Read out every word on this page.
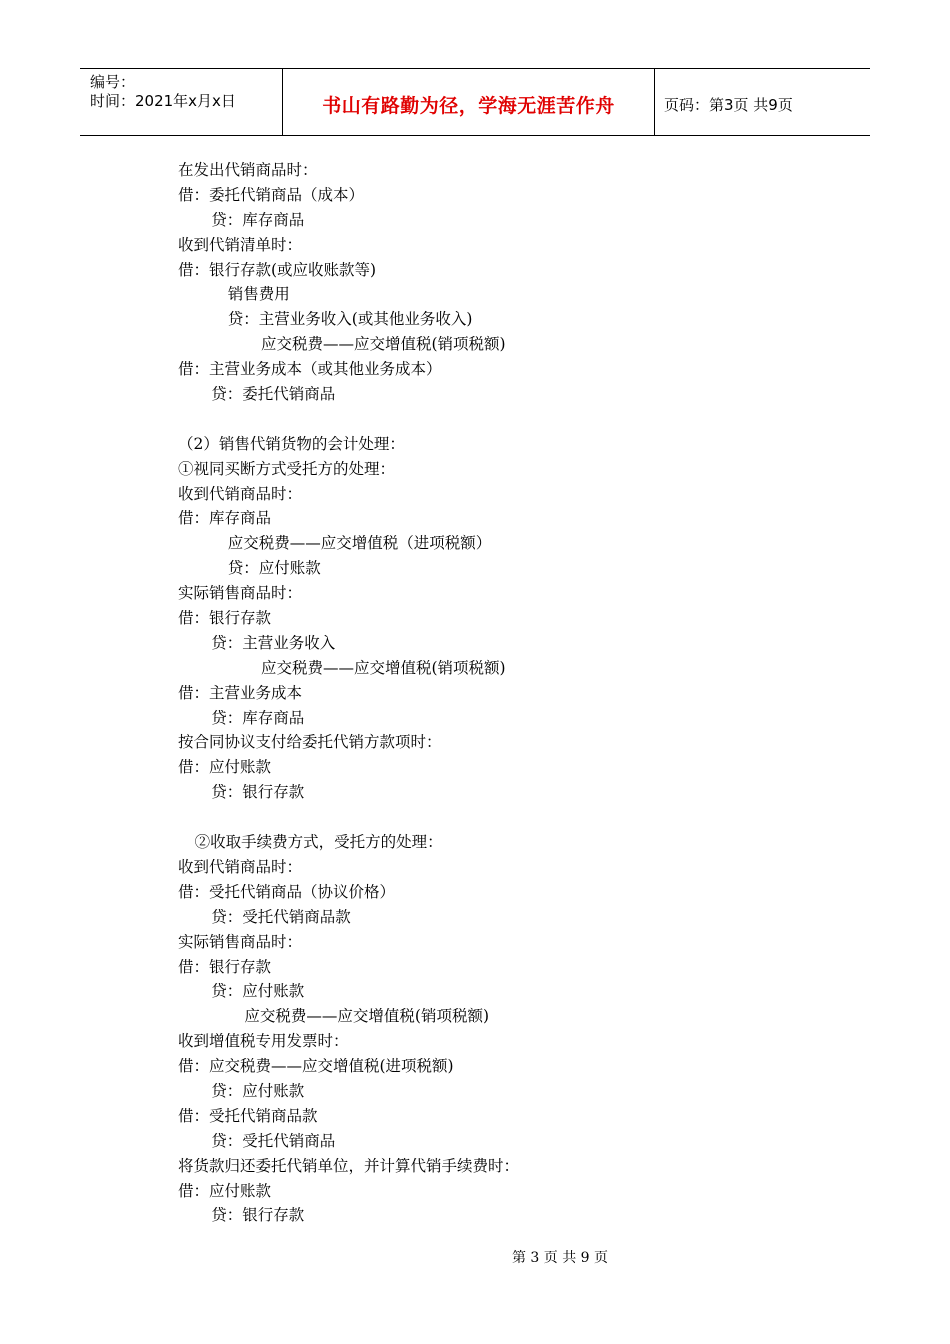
编号：
时间：2021年x月x日	书山有路勤为径，学海无涯苦作舟	页码：第3页 共9页
在发出代销商品时：
借：委托代销商品（成本）
贷：库存商品
收到代销清单时：
借：银行存款(或应收账款等)
销售费用
贷：主营业务收入(或其他业务收入)
应交税费——应交增值税(销项税额)
借：主营业务成本（或其他业务成本）
贷：委托代销商品
（2）销售代销货物的会计处理：
①视同买断方式受托方的处理：
收到代销商品时：
借：库存商品
应交税费——应交增值税（进项税额）
贷：应付账款
实际销售商品时：
借：银行存款
贷：主营业务收入
应交税费——应交增值税(销项税额)
借：主营业务成本
贷：库存商品
按合同协议支付给委托代销方款项时：
借：应付账款
贷：银行存款
②收取手续费方式，受托方的处理：
收到代销商品时：
借：受托代销商品（协议价格）
贷：受托代销商品款
实际销售商品时：
借：银行存款
贷：应付账款
应交税费——应交增值税(销项税额)
收到增值税专用发票时：
借：应交税费——应交增值税(进项税额)
贷：应付账款
借：受托代销商品款
贷：受托代销商品
将货款归还委托代销单位，并计算代销手续费时：
借：应付账款
贷：银行存款
第 3 页 共 9 页
